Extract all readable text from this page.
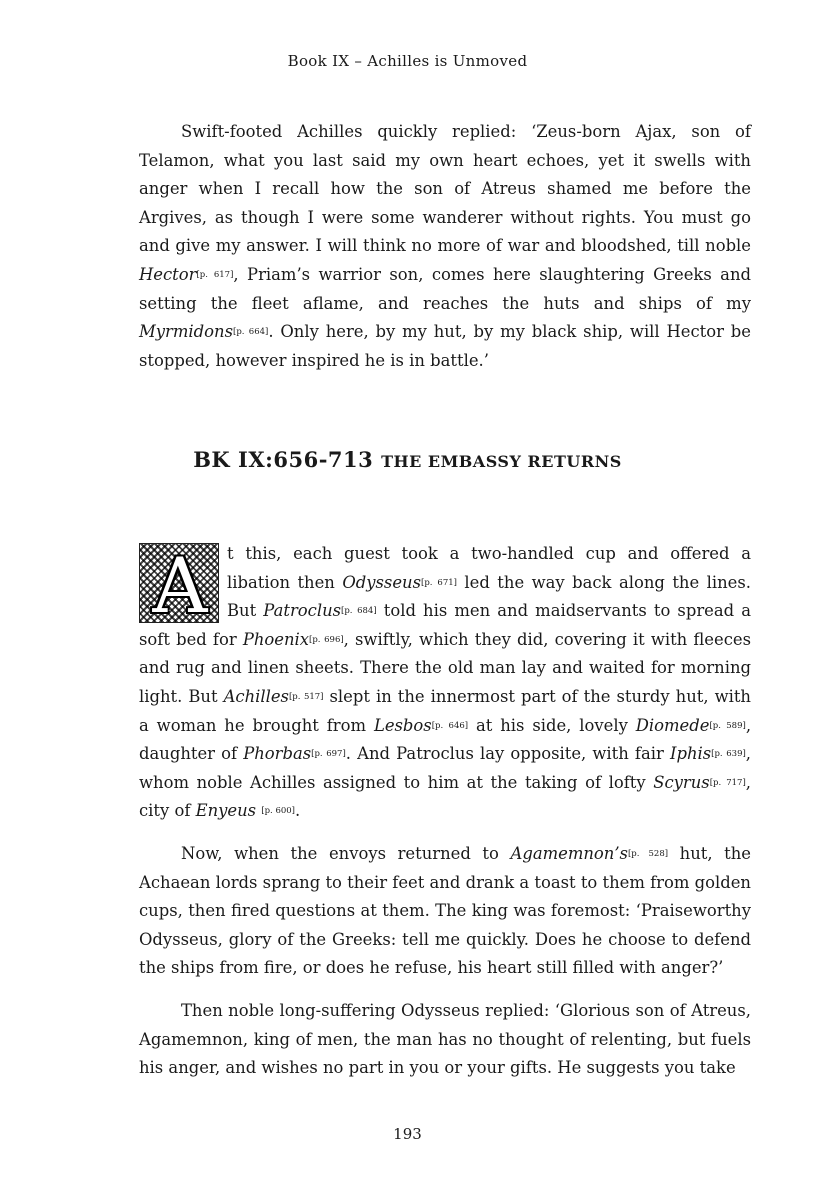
Book IX – Achilles is Unmoved

Swift-footed Achilles quickly replied: ‘Zeus-born Ajax, son of Telamon, what you last said my own heart echoes, yet it swells with anger when I recall how the son of Atreus shamed me before the Argives, as though I were some wanderer without rights. You must go and give my answer. I will think no more of war and bloodshed, till noble Hector[p. 617], Priam’s warrior son, comes here slaughtering Greeks and setting the fleet aflame, and reaches the huts and ships of my Myrmidons[p. 664]. Only here, by my hut, by my black ship, will Hector be stopped, however inspired he is in battle.’

BK IX:656-713 THE EMBASSY RETURNS

A	t this, each guest took a two-handled cup and offered a libation then Odysseus[p. 671] led the way back along the lines. But Patroclus[p. 684] told his men and maidservants to spread a soft bed for Phoenix[p. 696], swiftly, which they did, covering it with fleeces and rug and linen sheets. There the old man lay and waited for morning light. But Achilles[p. 517] slept in the innermost part of the sturdy hut, with a woman he brought from Lesbos[p. 646] at his side, lovely Diomede[p. 589], daughter of Phorbas[p. 697]. And Patroclus lay opposite, with fair Iphis[p. 639], whom noble Achilles assigned to him at the taking of lofty Scyrus[p. 717], city of Enyeus [p. 600].

Now, when the envoys returned to Agamemnon’s[p. 528] hut, the Achaean lords sprang to their feet and drank a toast to them from golden cups, then fired questions at them. The king was foremost: ‘Praiseworthy Odysseus, glory of the Greeks: tell me quickly. Does he choose to defend the ships from fire, or does he refuse, his heart still filled with anger?’

Then noble long-suffering Odysseus replied: ‘Glorious son of Atreus, Agamemnon, king of men, the man has no thought of relenting, but fuels his anger, and wishes no part in you or your gifts. He suggests you take

193
